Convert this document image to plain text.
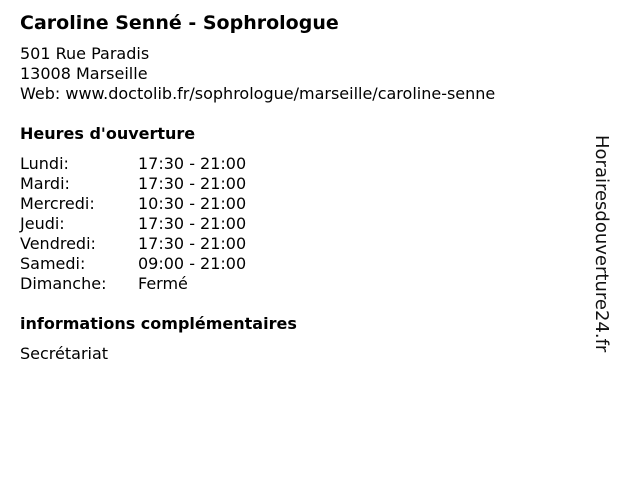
Caroline Senné - Sophrologue
501 Rue Paradis
13008 Marseille
Web: www.doctolib.fr/sophrologue/marseille/caroline-senne
Heures d'ouverture
Lundi:	17:30 - 21:00
Mardi:	17:30 - 21:00
Mercredi:	10:30 - 21:00
Jeudi:	17:30 - 21:00
Vendredi:	17:30 - 21:00
Samedi:	09:00 - 21:00
Dimanche:	Fermé
informations complémentaires
Secrétariat
Horairesdouverture24.fr
